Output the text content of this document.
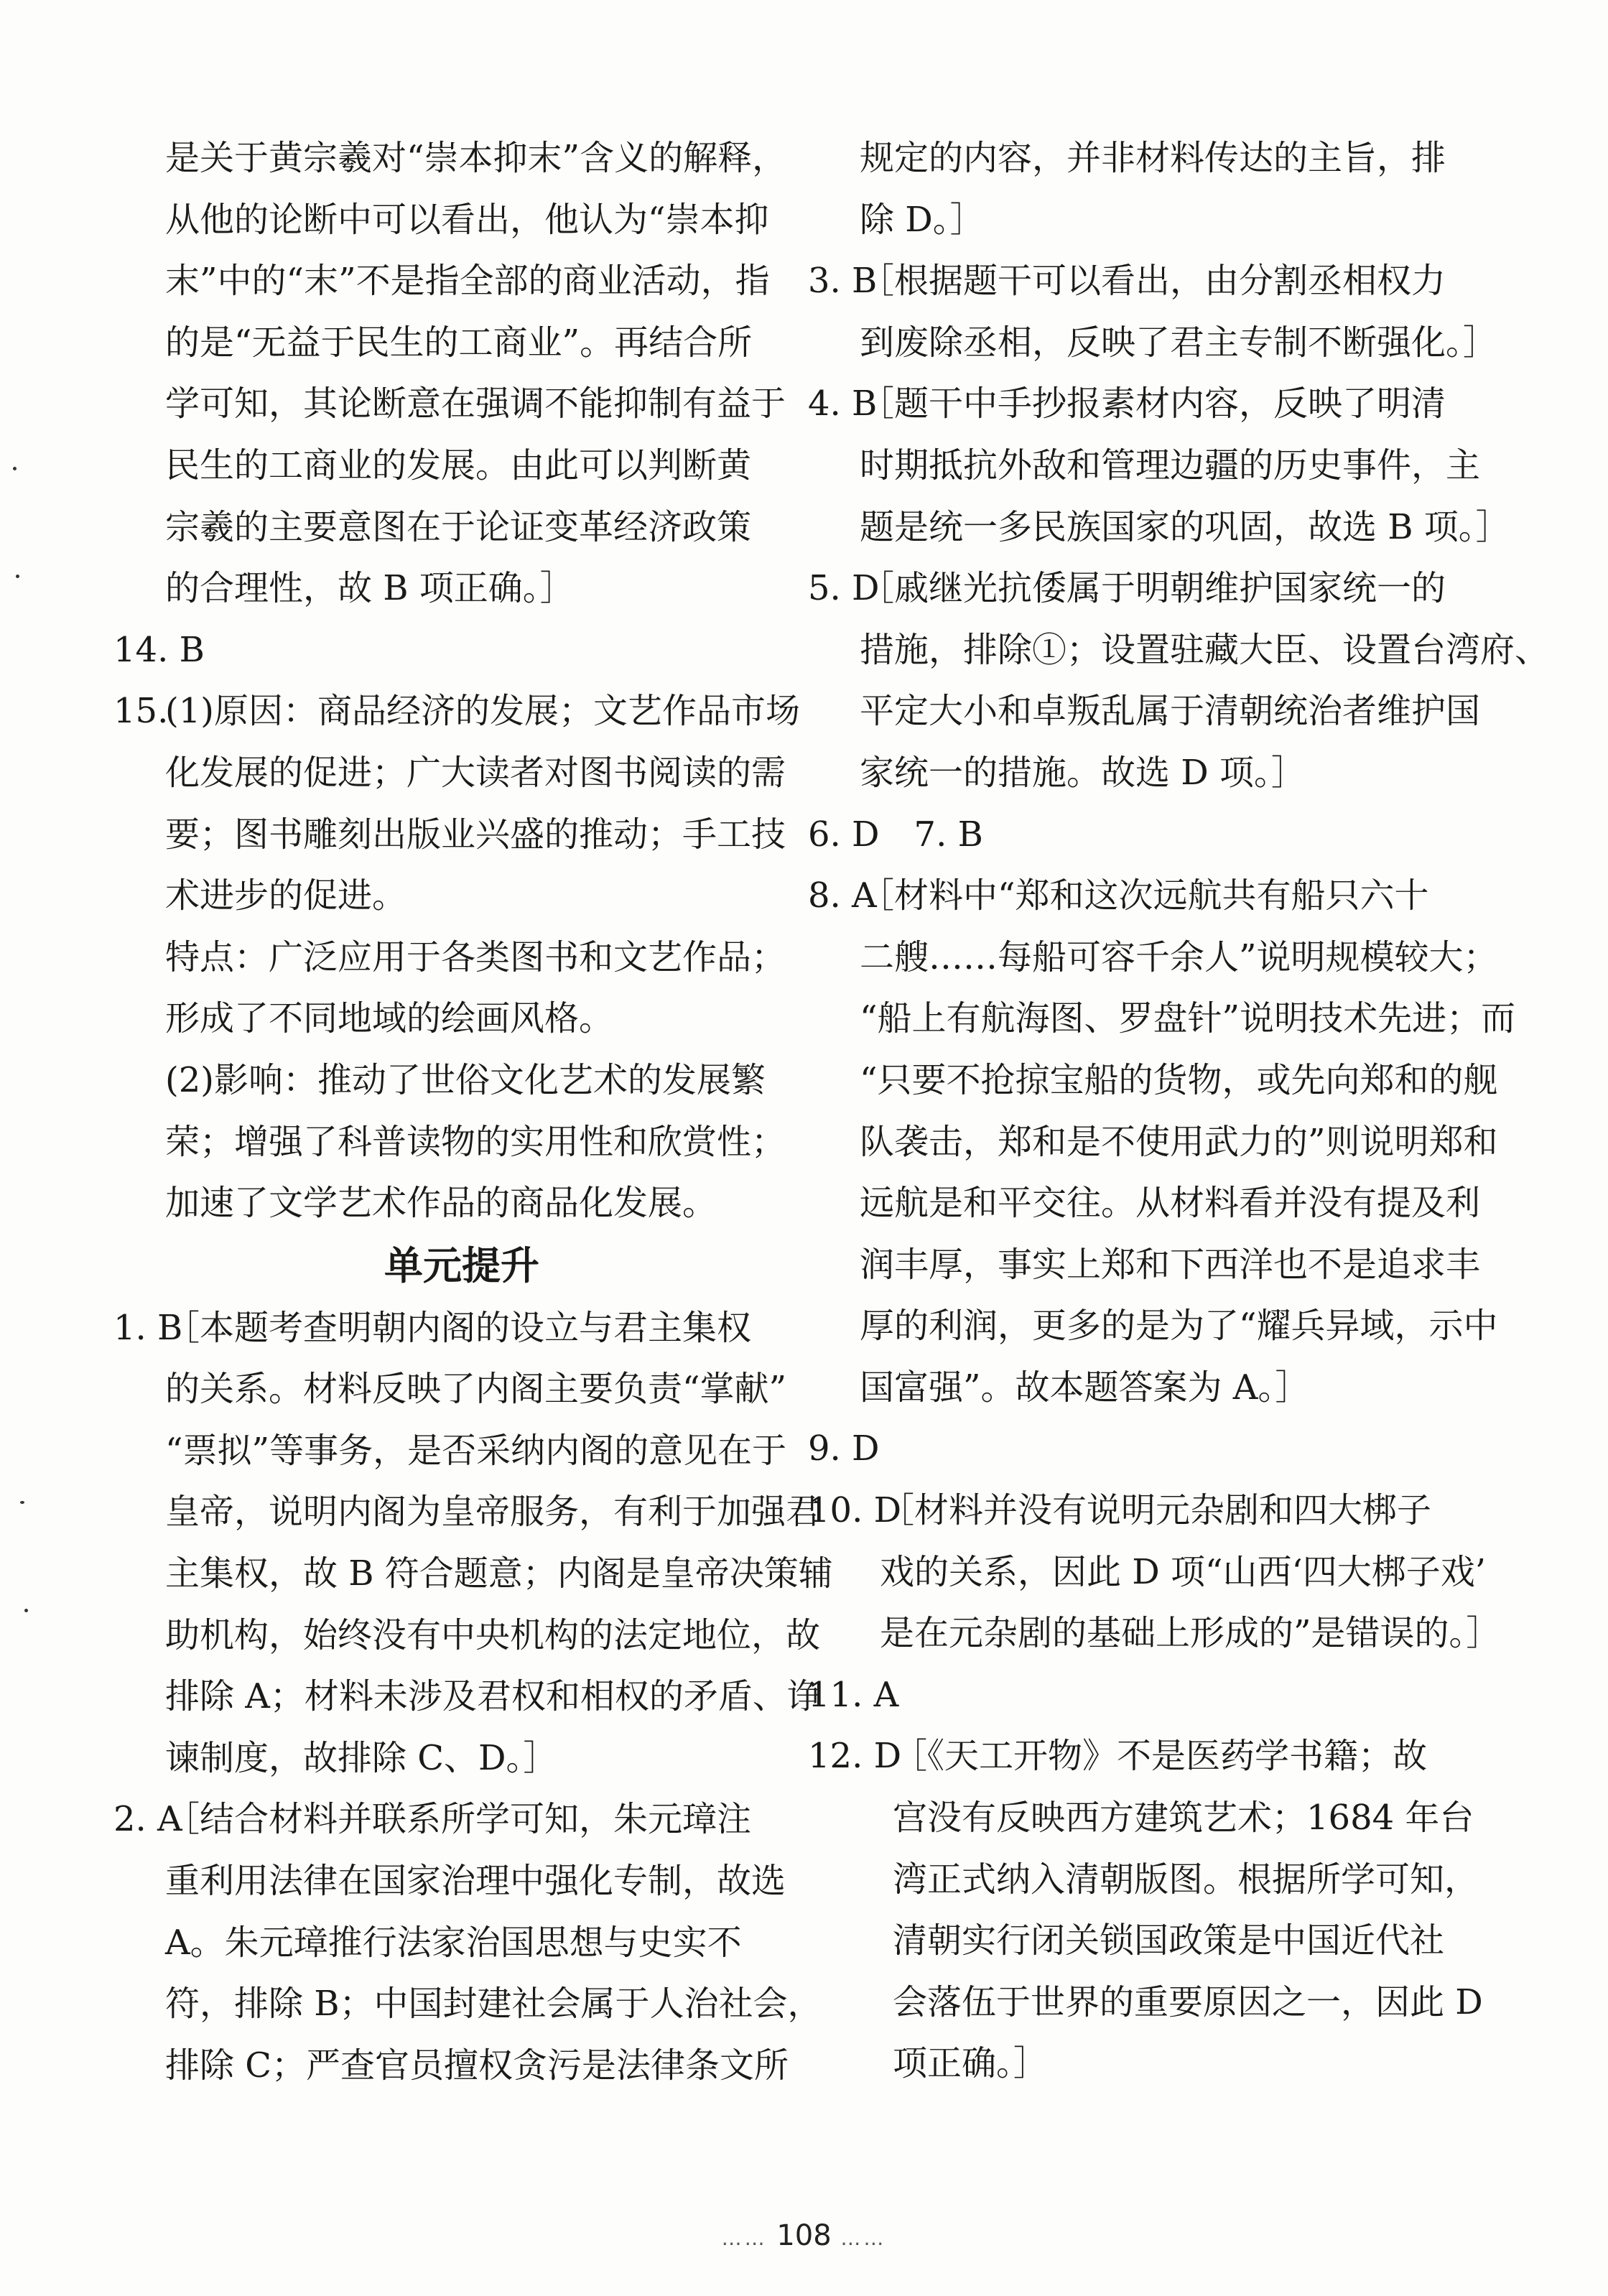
是关于黄宗羲对“崇本抑末”含义的解释，
从他的论断中可以看出，他认为“崇本抑
末”中的“末”不是指全部的商业活动，指
的是“无益于民生的工商业”。再结合所
学可知，其论断意在强调不能抑制有益于
民生的工商业的发展。由此可以判断黄
宗羲的主要意图在于论证变革经济政策
的合理性，故 B 项正确。］
14. B
15.
(1)原因：商品经济的发展；文艺作品市场
化发展的促进；广大读者对图书阅读的需
要；图书雕刻出版业兴盛的推动；手工技
术进步的促进。
特点：广泛应用于各类图书和文艺作品；
形成了不同地域的绘画风格。
(2)影响：推动了世俗文化艺术的发展繁
荣；增强了科普读物的实用性和欣赏性；
加速了文学艺术作品的商品化发展。
单元提升
1. B
［本题考查明朝内阁的设立与君主集权
的关系。材料反映了内阁主要负责“掌献”
“票拟”等事务，是否采纳内阁的意见在于
皇帝，说明内阁为皇帝服务，有利于加强君
主集权，故 B 符合题意；内阁是皇帝决策辅
助机构，始终没有中央机构的法定地位，故
排除 A；材料未涉及君权和相权的矛盾、诤
谏制度，故排除 C、D。］
2. A
［结合材料并联系所学可知，朱元璋注
重利用法律在国家治理中强化专制，故选
A。朱元璋推行法家治国思想与史实不
符，排除 B；中国封建社会属于人治社会，
排除 C；严查官员擅权贪污是法律条文所
规定的内容，并非材料传达的主旨，排
除 D。］
3. B
［根据题干可以看出，由分割丞相权力
到废除丞相，反映了君主专制不断强化。］
4. B
［题干中手抄报素材内容，反映了明清
时期抵抗外敌和管理边疆的历史事件，主
题是统一多民族国家的巩固，故选 B 项。］
5. D
［戚继光抗倭属于明朝维护国家统一的
措施，排除①；设置驻藏大臣、设置台湾府、
平定大小和卓叛乱属于清朝统治者维护国
家统一的措施。故选 D 项。］
6. D　7. B
8. A
［材料中“郑和这次远航共有船只六十
二艘……每船可容千余人”说明规模较大；
“船上有航海图、罗盘针”说明技术先进；而
“只要不抢掠宝船的货物，或先向郑和的舰
队袭击，郑和是不使用武力的”则说明郑和
远航是和平交往。从材料看并没有提及利
润丰厚，事实上郑和下西洋也不是追求丰
厚的利润，更多的是为了“耀兵异域，示中
国富强”。故本题答案为 A。］
9. D
10. D
［材料并没有说明元杂剧和四大梆子
戏的关系，因此 D 项“山西‘四大梆子戏’
是在元杂剧的基础上形成的”是错误的。］
11. A
12. D
［《天工开物》不是医药学书籍；故
宫没有反映西方建筑艺术；1684 年台
湾正式纳入清朝版图。根据所学可知，
清朝实行闭关锁国政策是中国近代社
会落伍于世界的重要原因之一，因此 D
项正确。］
…… 108 ……
